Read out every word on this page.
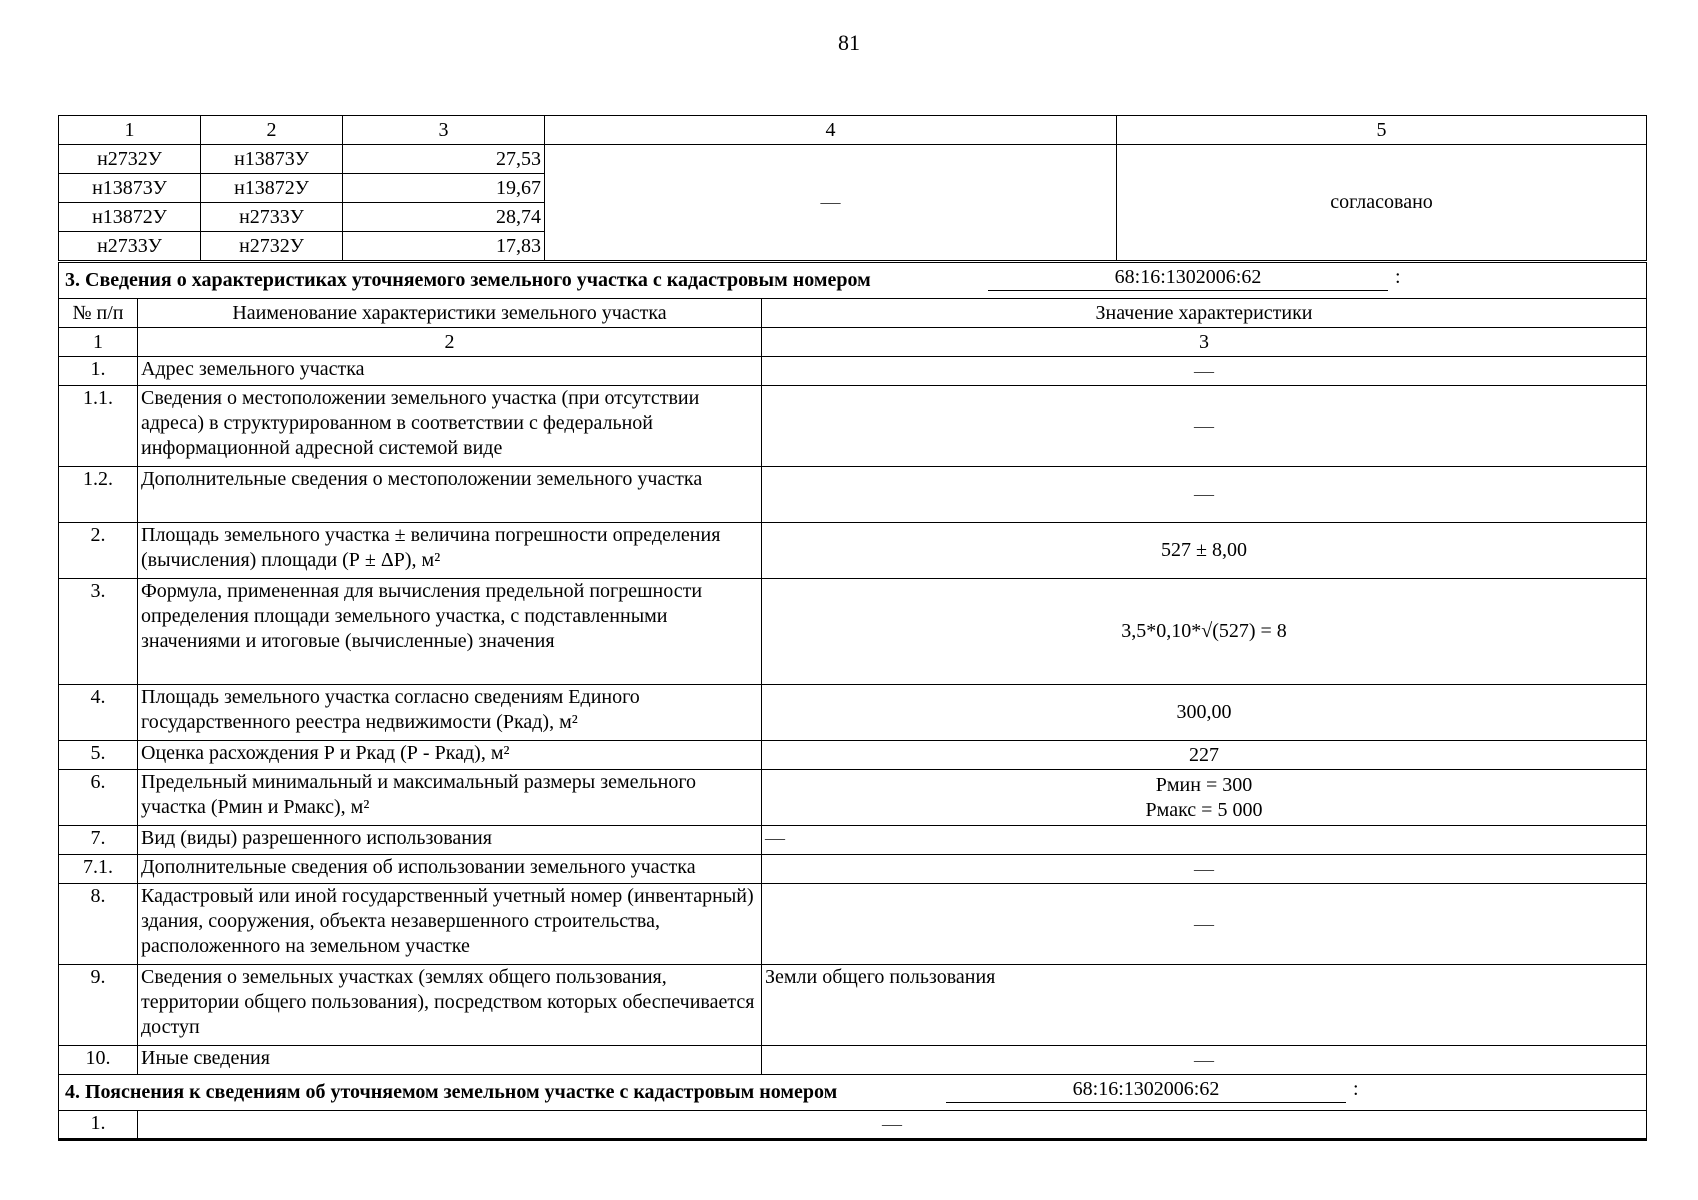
81
1	2	3	4	5
н2732У	н13873У	27,53	—	согласовано
н13873У	н13872У	19,67		
н13872У	н2733У	28,74		
н2733У	н2732У	17,83		
3. Сведения о характеристиках уточняемого земельного участка с кадастровым номером 68:16:1302006:62 :		

№ п/п	Наименование характеристики земельного участка	Значение характеристики
1	2	3
1.	Адрес земельного участка	—
1.1.	Сведения о местоположении земельного участка (при отсутствии адреса) в структурированном в соответствии с федеральной информационной адресной системой виде	—
1.2.	Дополнительные сведения о местоположении земельного участка	—
2.	Площадь земельного участка ± величина погрешности определения (вычисления) площади (Р ± ΔР), м²	527 ± 8,00
3.	Формула, примененная для вычисления предельной погрешности определения площади земельного участка, с подставленными значениями и итоговые (вычисленные) значения	3,5*0,10*√(527) = 8
4.	Площадь земельного участка согласно сведениям Единого государственного реестра недвижимости (Ркад), м²	300,00
5.	Оценка расхождения Р и Ркад (Р - Ркад), м²	227
6.	Предельный минимальный и максимальный размеры земельного участка (Рмин и Рмакс), м²	Рмин = 300
Рмакс = 5 000

7.	Вид (виды) разрешенного использования	—
7.1.	Дополнительные сведения об использовании земельного участка	—
8.	Кадастровый или иной государственный учетный номер (инвентарный) здания, сооружения, объекта незавершенного строительства, расположенного на земельном участке	—
9.	Сведения о земельных участках (землях общего пользования, территории общего пользования), посредством которых обеспечивается доступ	Земли общего пользования
10.	Иные сведения	—
4. Пояснения к сведениям об уточняемом земельном участке с кадастровым номером 68:16:1302006:62 :		

1.	—	
